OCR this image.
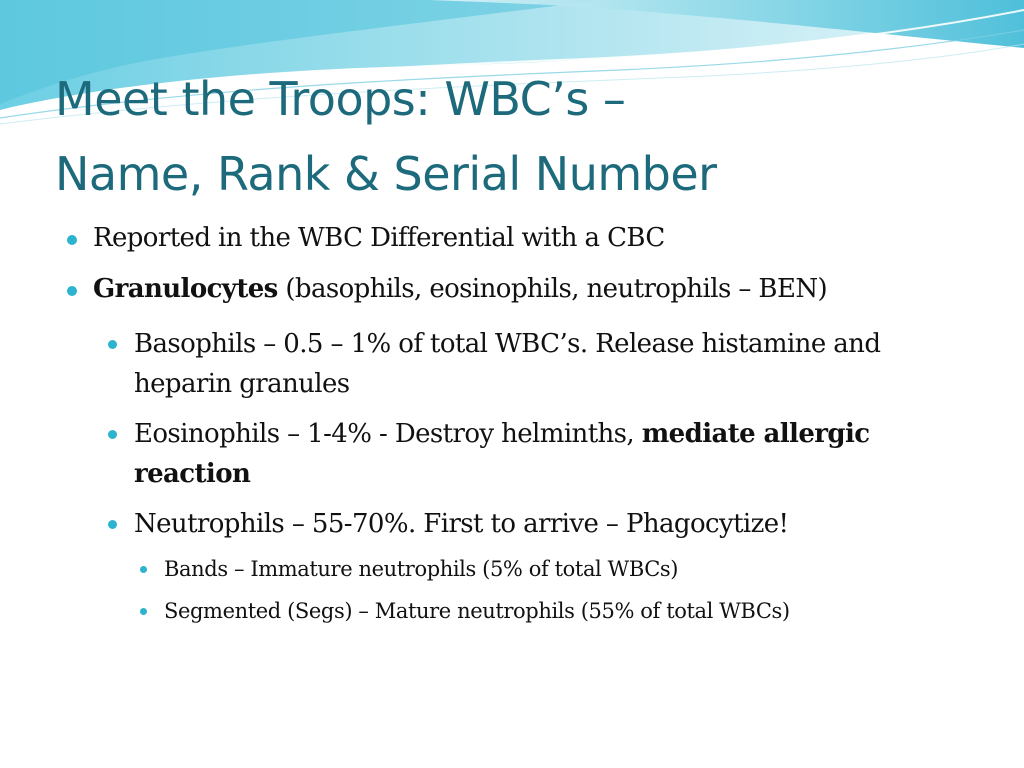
Meet the Troops: WBC’s –
Name, Rank & Serial Number
Reported in the WBC Differential with a CBC
Granulocytes (basophils, eosinophils, neutrophils – BEN)
Basophils – 0.5 – 1% of total WBC’s. Release histamine and heparin granules
Eosinophils – 1-4% - Destroy helminths, mediate allergic reaction
Neutrophils – 55-70%. First to arrive – Phagocytize!
Bands – Immature neutrophils (5% of total WBCs)
Segmented (Segs) – Mature neutrophils (55% of total WBCs)
